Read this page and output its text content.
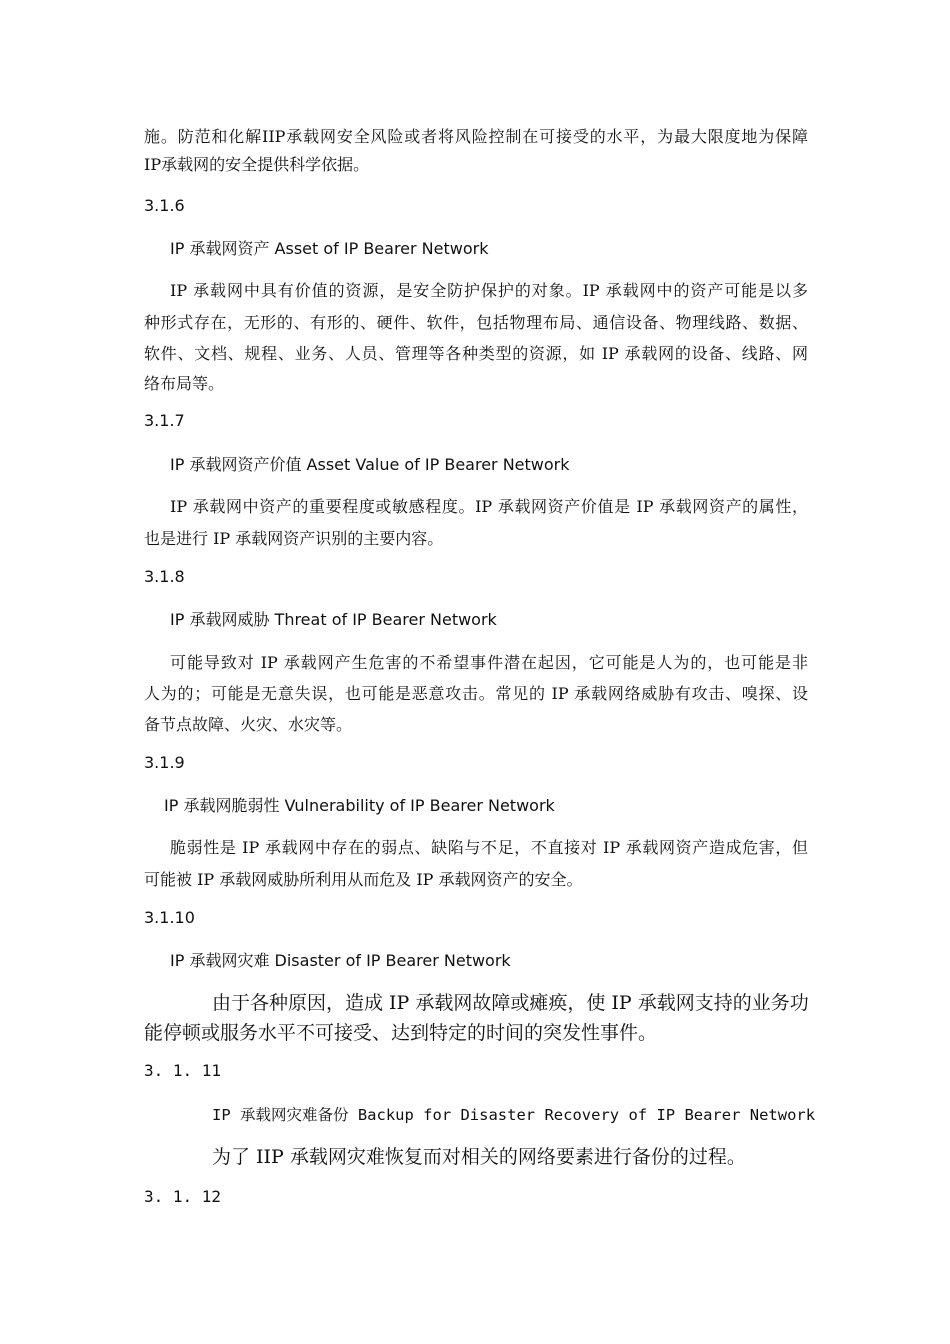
施。防范和化解IIP承载网安全风险或者将风险控制在可接受的水平，为最大限度地为保障
IP承载网的安全提供科学依据。
3.1.6
IP 承载网资产 Asset of IP Bearer Network
IP 承载网中具有价值的资源，是安全防护保护的对象。IP 承载网中的资产可能是以多
种形式存在，无形的、有形的、硬件、软件，包括物理布局、通信设备、物理线路、数据、
软件、文档、规程、业务、人员、管理等各种类型的资源，如 IP 承载网的设备、线路、网
络布局等。
3.1.7
IP 承载网资产价值 Asset Value of IP Bearer Network
IP 承载网中资产的重要程度或敏感程度。IP 承载网资产价值是 IP 承载网资产的属性，
也是进行 IP 承载网资产识别的主要内容。
3.1.8
IP 承载网威胁 Threat of IP Bearer Network
可能导致对 IP 承载网产生危害的不希望事件潜在起因，它可能是人为的，也可能是非
人为的；可能是无意失误，也可能是恶意攻击。常见的 IP 承载网络威胁有攻击、嗅探、设
备节点故障、火灾、水灾等。
3.1.9
IP 承载网脆弱性 Vulnerability of IP Bearer Network
脆弱性是 IP 承载网中存在的弱点、缺陷与不足，不直接对 IP 承载网资产造成危害，但
可能被 IP 承载网威胁所利用从而危及 IP 承载网资产的安全。
3.1.10
IP 承载网灾难 Disaster of IP Bearer Network
由于各种原因，造成 IP 承载网故障或瘫痪，使 IP 承载网支持的业务功
能停顿或服务水平不可接受、达到特定的时间的突发性事件。
3. 1. 11
IP 承载网灾难备份 Backup for Disaster Recovery of IP Bearer Network
为了 IIP 承载网灾难恢复而对相关的网络要素进行备份的过程。
3. 1. 12
